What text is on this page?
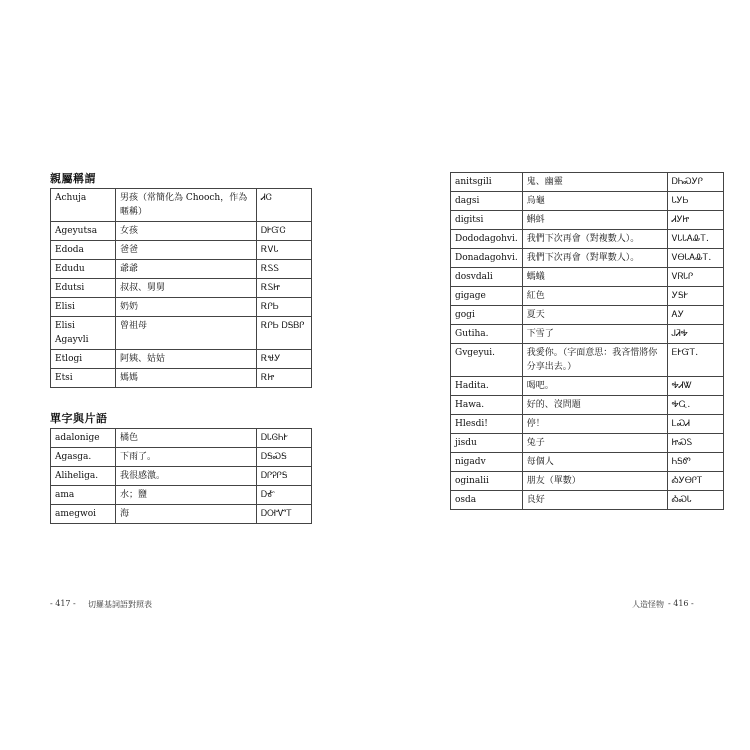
親屬稱謂
Achuja	男孩（常簡化為 Chooch，作為暱稱）	ᏗᏣ
Ageyutsa	女孩	ᎠᎨᏳᏣ
Edoda	爸爸	ᎡᏙᏓ
Edudu	爺爺	ᎡᏚᏚ
Edutsi	叔叔、舅舅	ᎡᏚᏥ
Elisi	奶奶	ᎡᎵᏏ
Elisi Agayvli	曾祖母	ᎡᎵᏏ ᎠᎦᏴᎵ
Etlogi	阿姨、姑姑	ᎡᏠᎩ
Etsi	媽媽	ᎡᏥ
單字與片語
adalonige	橘色	ᎠᏓᎶᏂᎨ
Agasga.	下雨了。	ᎠᎦᏍᎦ
Aliheliga.	我很感激。	ᎠᎵᎮᎵᎦ
ama	水；鹽	ᎠᎹ
amegwoi	海	ᎠᎺᏉᎢ
- 417 - 切羅基詞語對照表
anitsgili	鬼、幽靈	ᎠᏂᏍᎩᎵ
dagsi	烏龜	ᏓᎩᏏ
digitsi	蝌蚪	ᏗᎩᏥ
Dododagohvi.	我們下次再會（對複數人）。	ᏙᏓᏓᎪᎲᎢ.
Donadagohvi.	我們下次再會（對單數人）。	ᏙᎾᏓᎪᎲᎢ.
dosvdali	螞蟻	ᏙᏒᏓᎵ
gigage	紅色	ᎩᎦᎨ
gogi	夏天	ᎪᎩ
Gutiha.	下雪了	ᎫᏘᎭ
Gvgeyui.	我愛你。（字面意思：我吝惜將你分享出去。）	ᎬᎨᏳᎢ.
Hadita.	喝吧。	ᎭᏗᏔ
Hawa.	好的、沒問題	ᎭᏩ.
Hlesdi!	停！	ᏞᏍᏗ
jisdu	兔子	ᏥᏍᏚ
nigadv	每個人	ᏂᎦᏛ
oginalii	朋友（單數）	ᎣᎩᎾᎵᎢ
osda	良好	ᎣᏍᏓ
人造怪物 - 416 -
